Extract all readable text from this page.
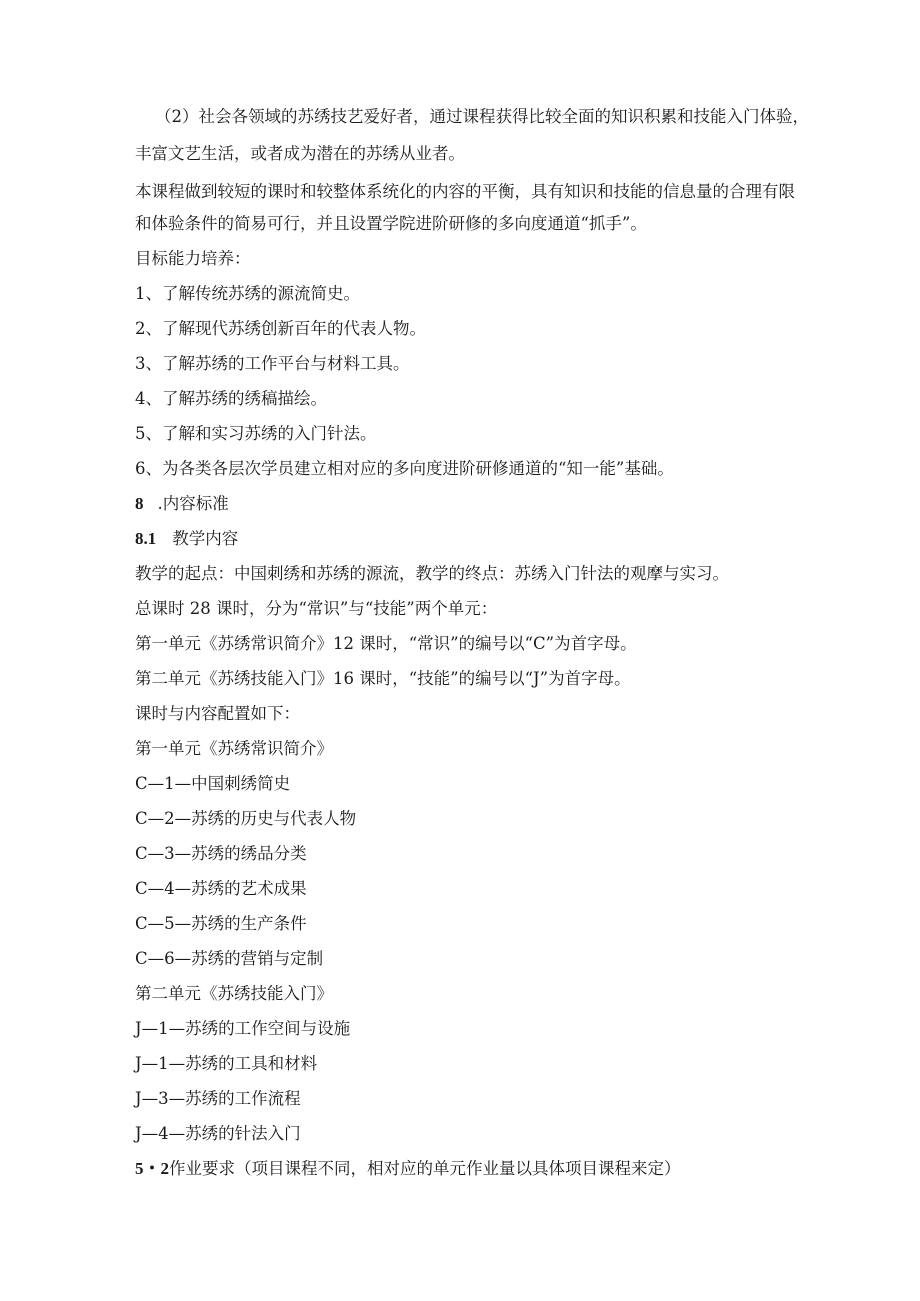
（2）社会各领域的苏绣技艺爱好者，通过课程获得比较全面的知识积累和技能入门体验，
丰富文艺生活，或者成为潜在的苏绣从业者。
本课程做到较短的课时和较整体系统化的内容的平衡，具有知识和技能的信息量的合理有限
和体验条件的简易可行，并且设置学院进阶研修的多向度通道“抓手”。
目标能力培养：
1、了解传统苏绣的源流简史。
2、了解现代苏绣创新百年的代表人物。
3、了解苏绣的工作平台与材料工具。
4、了解苏绣的绣稿描绘。
5、了解和实习苏绣的入门针法。
6、为各类各层次学员建立相对应的多向度进阶研修通道的“知一能”基础。
8 .内容标准
8.1 教学内容
教学的起点：中国刺绣和苏绣的源流，教学的终点：苏绣入门针法的观摩与实习。
总课时 28 课时，分为“常识”与“技能”两个单元：
第一单元《苏绣常识简介》12 课时，“常识”的编号以“C”为首字母。
第二单元《苏绣技能入门》16 课时，“技能”的编号以“J”为首字母。
课时与内容配置如下：
第一单元《苏绣常识简介》
C—1—中国刺绣简史
C—2—苏绣的历史与代表人物
C—3—苏绣的绣品分类
C—4—苏绣的艺术成果
C—5—苏绣的生产条件
C—6—苏绣的营销与定制
第二单元《苏绣技能入门》
J—1—苏绣的工作空间与设施
J—1—苏绣的工具和材料
J—3—苏绣的工作流程
J—4—苏绣的针法入门
5・2作业要求（项目课程不同，相对应的单元作业量以具体项目课程来定）
